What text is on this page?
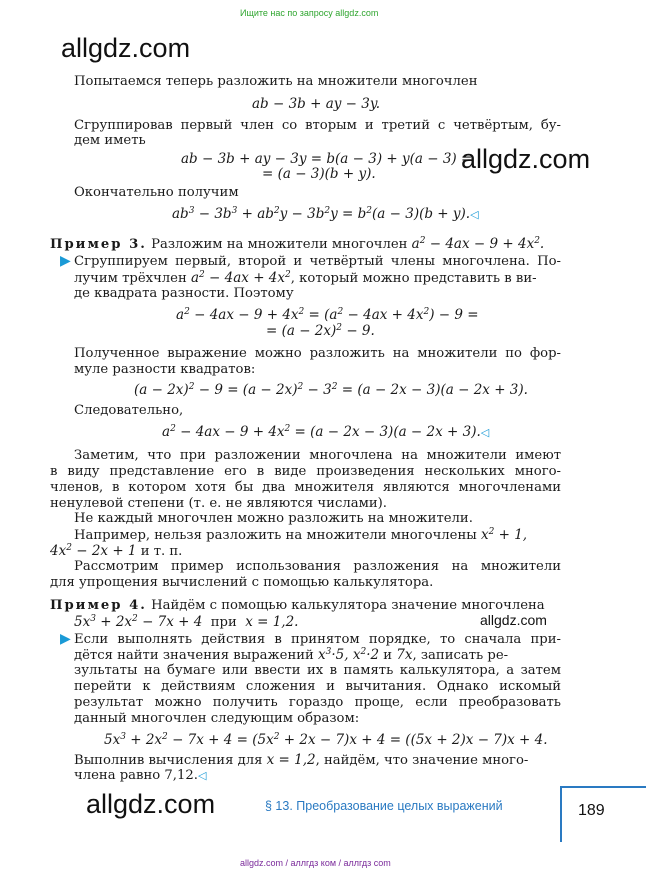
Ищите нас по запросу allgdz.com
allgdz.com
Попытаемся теперь разложить на множители многочлен
ab − 3b + ay − 3y.
Сгруппировав первый член со вторым и третий с четвёртым, бу-
дем иметь
ab − 3b + ay − 3y = b(a − 3) + y(a − 3) =
= (a − 3)(b + y).	allgdz.com
Окончательно получим
$ab^3 - 3b^3 + ab^2y - 3b^2y = b^2(a - 3)(b$ + y).◁
Пример 3. Разложим на множители многочлен $a^2 - 4ax - 9 + 4x^2$.
▶ Сгруппируем первый, второй и четвёртый члены многочлена. По-
лучим трёхчлен $a^2 - 4ax + 4x^2$, который можно представить в ви-
де квадрата разности. Поэтому
$a^2 - 4ax - 9 + 4x^2 = (a^2 - 4ax + 4x^2) - 9$ =
= $(a - 2x)^2 - 9$.
Полученное выражение можно разложить на множители по фор-
муле разности квадратов:
$(a - 2x)^2 - 9 = (a - 2x)^2 - 3^2 = (a - 2x - 3)(a - 2x + 3)$.
Следовательно,
$a^2 - 4ax - 9 + 4x^2 = (a - 2x - 3)(a - 2x$ + 3).◁
Заметим, что при разложении многочлена на множители имеют
в виду представление его в виде произведения нескольких много-
членов, в котором хотя бы два множителя являются многочленами
ненулевой степени (т. е. не являются числами).
Не каждый многочлен можно разложить на множители.
Например, нельзя разложить на множители многочлены $x^2 + 1$,
$4x^2 - 2x + 1$ и т. п.
Рассмотрим пример использования разложения на множители
для упрощения вычислений с помощью калькулятора.
Пример 4. Найдём с помощью калькулятора значение многочлена
$5x^3 + 2x^2 - 7x + 4$ при x = 1,2.	allgdz.com
▶ Если выполнять действия в принятом порядке, то сначала при-
дётся найти значения выражений $x^3\cdot 5$, $x^2\cdot 2$ и 7x, записать ре-
зультаты на бумаге или ввести их в память калькулятора, а затем
перейти к действиям сложения и вычитания. Однако искомый
результат можно получить гораздо проще, если преобразовать
данный многочлен следующим образом:
$5x^3 + 2x^2 - 7x + 4 = (5x^2 + 2x - 7)x + 4 = ((5x + 2)x - 7)x + 4$.
Выполнив вычисления для x = 1,2, найдём, что значение много-
члена равно 7,12.◁
allgdz.com	§ 13. Преобразование целых выражений	189
allgdz.com / аллгдз ком / аллгдз com
